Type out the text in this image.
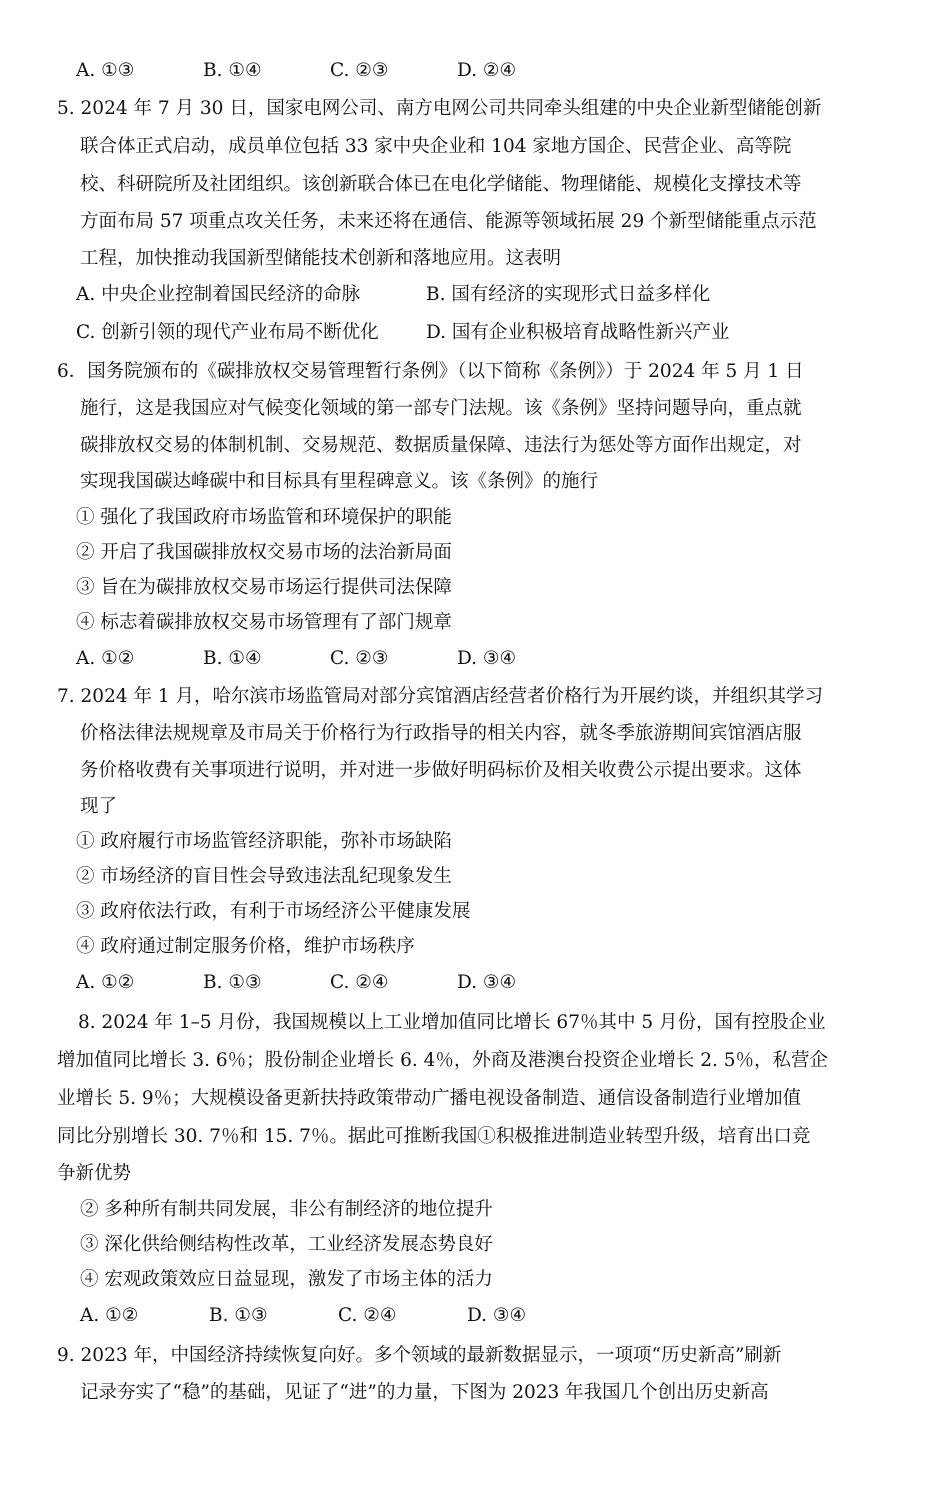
A. ①③	B. ①④	C. ②③	D. ②④
5. 2024 年 7 月 30 日，国家电网公司、南方电网公司共同牵头组建的中央企业新型储能创新
联合体正式启动，成员单位包括 33 家中央企业和 104 家地方国企、民营企业、高等院
校、科研院所及社团组织。该创新联合体已在电化学储能、物理储能、规模化支撑技术等
方面布局 57 项重点攻关任务，未来还将在通信、能源等领域拓展 29 个新型储能重点示范
工程，加快推动我国新型储能技术创新和落地应用。这表明
A. 中央企业控制着国民经济的命脉	B. 国有经济的实现形式日益多样化
C. 创新引领的现代产业布局不断优化	D. 国有企业积极培育战略性新兴产业
6．国务院颁布的《碳排放权交易管理暂行条例》（以下简称《条例》）于 2024 年 5 月 1 日
施行，这是我国应对气候变化领域的第一部专门法规。该《条例》坚持问题导向，重点就
碳排放权交易的体制机制、交易规范、数据质量保障、违法行为惩处等方面作出规定，对
实现我国碳达峰碳中和目标具有里程碑意义。该《条例》的施行
① 强化了我国政府市场监管和环境保护的职能
② 开启了我国碳排放权交易市场的法治新局面
③ 旨在为碳排放权交易市场运行提供司法保障
④ 标志着碳排放权交易市场管理有了部门规章
A. ①②	B. ①④	C. ②③	D. ③④
7. 2024 年 1 月，哈尔滨市场监管局对部分宾馆酒店经营者价格行为开展约谈，并组织其学习
价格法律法规规章及市局关于价格行为行政指导的相关内容，就冬季旅游期间宾馆酒店服
务价格收费有关事项进行说明，并对进一步做好明码标价及相关收费公示提出要求。这体
现了
① 政府履行市场监管经济职能，弥补市场缺陷
② 市场经济的盲目性会导致违法乱纪现象发生
③ 政府依法行政，有利于市场经济公平健康发展
④ 政府通过制定服务价格，维护市场秩序
A. ①②	B. ①③	C. ②④	D. ③④
8. 2024 年 1–5 月份，我国规模以上工业增加值同比增长 67％其中 5 月份，国有控股企业
增加值同比增长 3. 6％；股份制企业增长 6. 4％，外商及港澳台投资企业增长 2. 5％，私营企
业增长 5. 9％；大规模设备更新扶持政策带动广播电视设备制造、通信设备制造行业增加值
同比分别增长 30. 7％和 15. 7％。据此可推断我国①积极推进制造业转型升级，培育出口竞
争新优势
② 多种所有制共同发展，非公有制经济的地位提升
③ 深化供给侧结构性改革，工业经济发展态势良好
④ 宏观政策效应日益显现，激发了市场主体的活力
A. ①②	B. ①③	C. ②④	D. ③④
9. 2023 年，中国经济持续恢复向好。多个领域的最新数据显示，一项项“历史新高”刷新
记录夯实了“稳”的基础，见证了“进”的力量，下图为 2023 年我国几个创出历史新高
